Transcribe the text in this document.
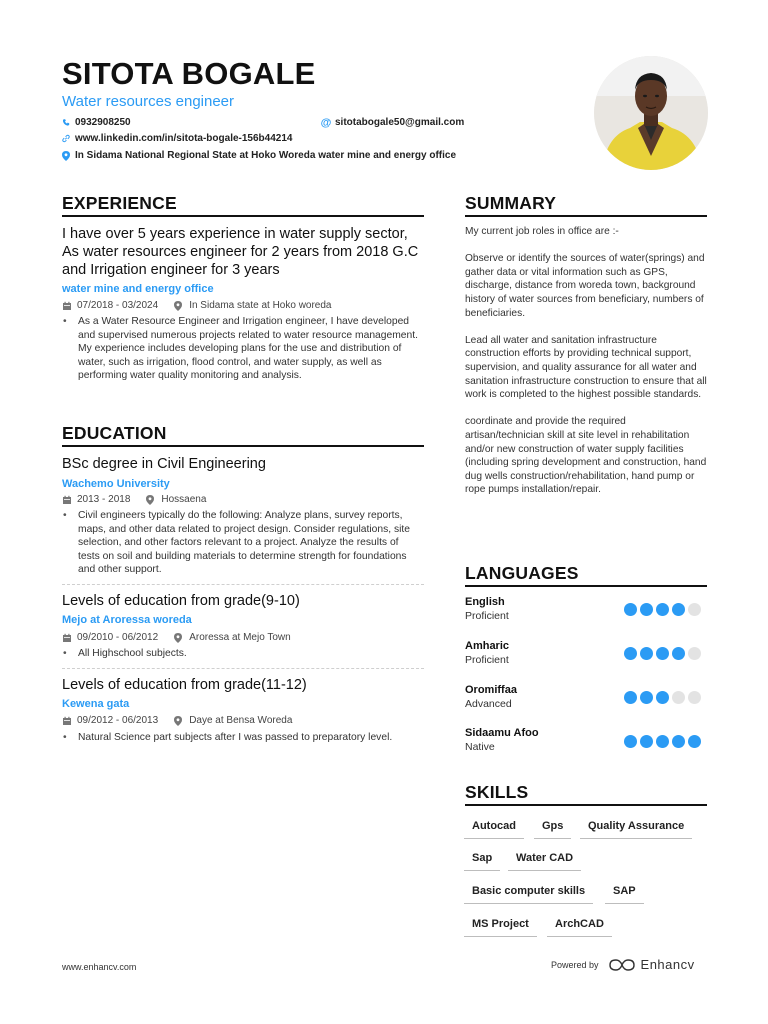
SITOTA BOGALE
Water resources engineer
0932908250	@ sitotabogale50@gmail.com
www.linkedin.com/in/sitota-bogale-156b44214
In Sidama National Regional State at Hoko Woreda water mine and energy office
EXPERIENCE
I have over 5 years experience in water supply sector, As water resources engineer for 2 years from 2018 G.C and Irrigation engineer for 3 years
water mine and energy office
07/2018 - 03/2024	In Sidama state at Hoko woreda
• As a Water Resource Engineer and Irrigation engineer, I have developed and supervised numerous projects related to water resource management. My experience includes developing plans for the use and distribution of water, such as irrigation, flood control, and water supply, as well as performing water quality monitoring and analysis.
EDUCATION
BSc degree in Civil Engineering
Wachemo University
2013 - 2018	Hossaena
• Civil engineers typically do the following: Analyze plans, survey reports, maps, and other data related to project design. Consider regulations, site selection, and other factors relevant to a project. Analyze the results of tests on soil and building materials to determine strength for foundations and other support.
Levels of education from grade(9-10)
Mejo at Aroressa woreda
09/2010 - 06/2012	Aroressa at Mejo Town
• All Highschool subjects.
Levels of education from grade(11-12)
Kewena gata
09/2012 - 06/2013	Daye at Bensa Woreda
• Natural Science part subjects after I was passed to preparatory level.
SUMMARY

My current job roles in office are :-

Observe or identify the sources of water(springs) and gather data or vital information such as GPS, discharge, distance from woreda town, background history of water sources from beneficiary, numbers of beneficiaries.

Lead all water and sanitation infrastructure construction efforts by providing technical support, supervision, and quality assurance for all water and sanitation infrastructure construction to ensure that all work is completed to the highest possible standards.

coordinate and provide the required artisan/technician skill at site level in rehabilitation and/or new construction of water supply facilities (including spring development and construction, hand dug wells construction/rehabilitation, hand pump or rope pumps installation/repair.

LANGUAGES
English
Proficient
Amharic
Proficient
Oromiffaa
Advanced
Sidaamu Afoo
Native
SKILLS
Autocad	Gps	Quality Assurance
Sap	Water CAD
Basic computer skills	SAP
MS Project	ArchCAD
www.enhancv.com	Powered by	Enhancv
